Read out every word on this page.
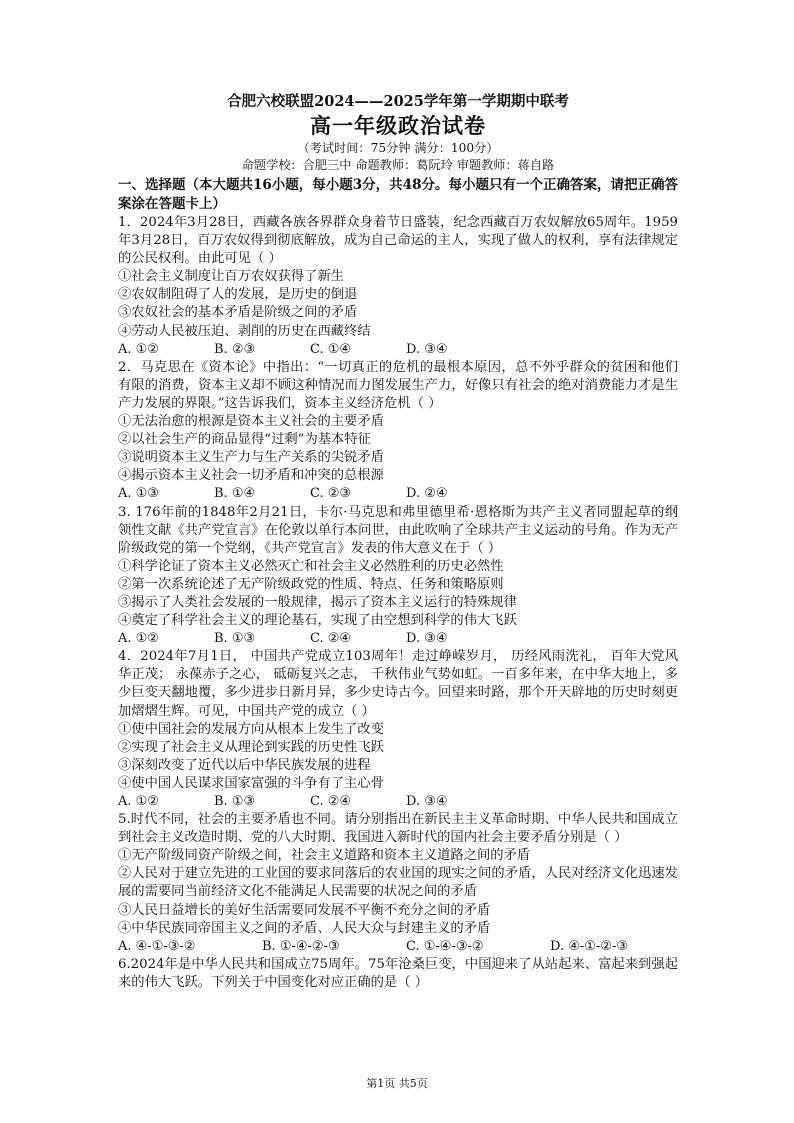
合肥六校联盟2024——2025学年第一学期期中联考
高一年级政治试卷
（考试时间：75分钟 满分：100分）
命题学校：合肥三中 命题教师：葛阮玲 审题教师：蒋自路
一、选择题（本大题共16小题，每小题3分，共48分。每小题只有一个正确答案，请把正确答案涂在答题卡上）
1．2024年3月28日，西藏各族各界群众身着节日盛装，纪念西藏百万农奴解放65周年。1959年3月28日，百万农奴得到彻底解放，成为自己命运的主人，实现了做人的权利，享有法律规定的公民权利。由此可见（ ）
①社会主义制度让百万农奴获得了新生
②农奴制阻碍了人的发展，是历史的倒退
③农奴社会的基本矛盾是阶级之间的矛盾
④劳动人民被压迫、剥削的历史在西藏终结
A. ①②	B. ②③	C. ①④	D. ③④
2．马克思在《资本论》中指出：“一切真正的危机的最根本原因，总不外乎群众的贫困和他们有限的消费，资本主义却不顾这种情况而力图发展生产力，好像只有社会的绝对消费能力才是生产力发展的界限。”这告诉我们，资本主义经济危机（ ）
①无法治愈的根源是资本主义社会的主要矛盾
②以社会生产的商品显得“过剩”为基本特征
③说明资本主义生产力与生产关系的尖锐矛盾
④揭示资本主义社会一切矛盾和冲突的总根源
A. ①③	B. ①④	C. ②③	D. ②④
3. 176年前的1848年2月21日，卡尔·马克思和弗里德里希·恩格斯为共产主义者同盟起草的纲领性文献《共产党宣言》在伦敦以单行本问世，由此吹响了全球共产主义运动的号角。作为无产阶级政党的第一个党纲，《共产党宣言》发表的伟大意义在于（ ）
①科学论证了资本主义必然灭亡和社会主义必然胜利的历史必然性
②第一次系统论述了无产阶级政党的性质、特点、任务和策略原则
③揭示了人类社会发展的一般规律，揭示了资本主义运行的特殊规律
④奠定了科学社会主义的理论基石，实现了由空想到科学的伟大飞跃
A. ①②	B. ①③	C. ②④	D. ③④
4．2024年7月1日， 中国共产党成立103周年！走过峥嵘岁月， 历经风雨洗礼， 百年大党风华正茂； 永葆赤子之心， 砥砺复兴之志， 千秋伟业气势如虹。一百多年来，在中华大地上，多少巨变天翻地覆，多少进步日新月异，多少史诗古今。回望来时路，那个开天辟地的历史时刻更加熠熠生辉。可见，中国共产党的成立（ ）
①使中国社会的发展方向从根本上发生了改变
②实现了社会主义从理论到实践的历史性飞跃
③深刻改变了近代以后中华民族发展的进程
④使中国人民谋求国家富强的斗争有了主心骨
A. ①②	B. ①③	C. ②④	D. ③④
5.时代不同，社会的主要矛盾也不同。请分别指出在新民主主义革命时期、中华人民共和国成立到社会主义改造时期、党的八大时期、我国进入新时代的国内社会主要矛盾分别是（ ）
①无产阶级同资产阶级之间，社会主义道路和资本主义道路之间的矛盾
②人民对于建立先进的工业国的要求同落后的农业国的现实之间的矛盾，人民对经济文化迅速发展的需要同当前经济文化不能满足人民需要的状况之间的矛盾
③人民日益增长的美好生活需要同发展不平衡不充分之间的矛盾
④中华民族同帝国主义之间的矛盾、人民大众与封建主义的矛盾
A. ④-①-③-②	B. ①-④-②-③	C. ①-④-③-②	D. ④-①-②-③
6.2024年是中华人民共和国成立75周年。75年沧桑巨变，中国迎来了从站起来、富起来到强起来的伟大飞跃。下列关于中国变化对应正确的是（ ）
第1页 共5页
